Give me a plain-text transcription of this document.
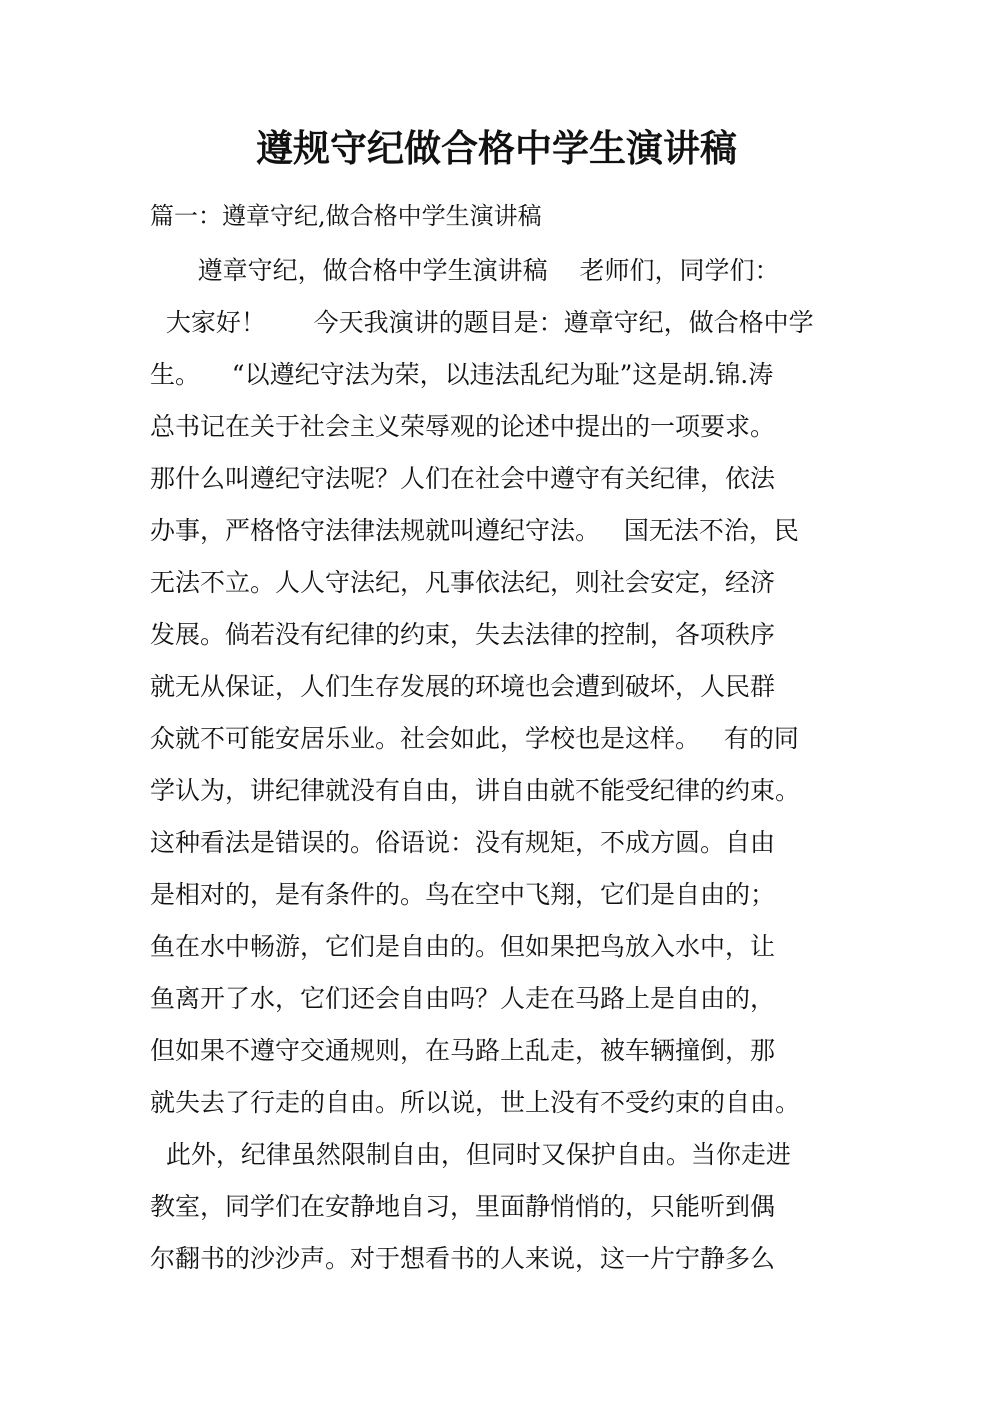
遵规守纪做合格中学生演讲稿

篇一：遵章守纪,做合格中学生演讲稿

遵章守纪，做合格中学生演讲稿    老师们，同学们：
大家好！      今天我演讲的题目是：遵章守纪，做合格中学
生。    “以遵纪守法为荣，以违法乱纪为耻”这是胡.锦.涛
总书记在关于社会主义荣辱观的论述中提出的一项要求。
那什么叫遵纪守法呢？人们在社会中遵守有关纪律，依法
办事，严格恪守法律法规就叫遵纪守法。   国无法不治，民
无法不立。人人守法纪，凡事依法纪，则社会安定，经济
发展。倘若没有纪律的约束，失去法律的控制，各项秩序
就无从保证，人们生存发展的环境也会遭到破坏，人民群
众就不可能安居乐业。社会如此，学校也是这样。   有的同
学认为，讲纪律就没有自由，讲自由就不能受纪律的约束。
这种看法是错误的。俗语说：没有规矩，不成方圆。自由
是相对的，是有条件的。鸟在空中飞翔，它们是自由的；
鱼在水中畅游，它们是自由的。但如果把鸟放入水中，让
鱼离开了水，它们还会自由吗？人走在马路上是自由的，
但如果不遵守交通规则，在马路上乱走，被车辆撞倒，那
就失去了行走的自由。所以说，世上没有不受约束的自由。
此外，纪律虽然限制自由，但同时又保护自由。当你走进
教室，同学们在安静地自习，里面静悄悄的，只能听到偶
尔翻书的沙沙声。对于想看书的人来说，这一片宁静多么
